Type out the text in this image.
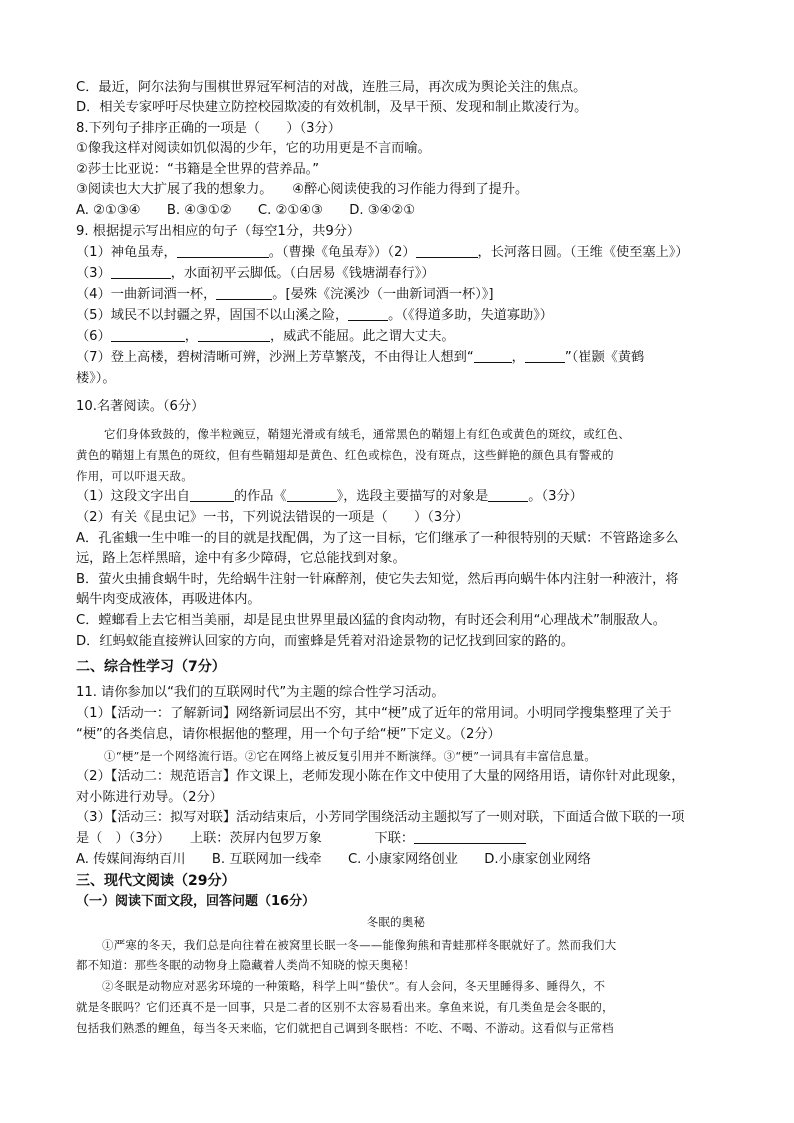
C．最近，阿尔法狗与围棋世界冠军柯洁的对战，连胜三局，再次成为舆论关注的焦点。
D．相关专家呼吁尽快建立防控校园欺凌的有效机制，及早干预、发现和制止欺凌行为。
8.下列句子排序正确的一项是（　　）（3分）
①像我这样对阅读如饥似渴的少年，它的功用更是不言而喻。
②莎士比亚说：“书籍是全世界的营养品。”
③阅读也大大扩展了我的想象力。　　④醉心阅读使我的习作能力得到了提升。
A. ②①③④　　B. ④③①②　　C. ②①④③　　D. ③④②①
9. 根据提示写出相应的句子（每空1分，共9分）
（1）神龟虽寿，	。（曹操《龟虽寿》）（2）	，长河落日圆。（王维《使至塞上》）
（3）	，水面初平云脚低。（白居易《钱塘湖春行》）
（4）一曲新词酒一杯，	。[晏殊《浣溪沙（一曲新词酒一杯）》]
（5）域民不以封疆之界，固国不以山溪之险，	。（《得道多助，失道寡助》）
（6）	，	，威武不能屈。此之谓大丈夫。
（7）登上高楼，碧树清晰可辨，沙洲上芳草繁茂，不由得让人想到“	，	”（崔颢《黄鹤
楼》）。
10.名著阅读。（6分）
它们身体致鼓的，像半粒豌豆，鞘翅光滑或有绒毛，通常黑色的鞘翅上有红色或黄色的斑纹，或红色、
黄色的鞘翅上有黑色的斑纹，但有些鞘翅却是黄色、红色或棕色，没有斑点，这些鲜艳的颜色具有警戒的
作用，可以吓退天敌。
（1）这段文字出自	的作品《	》，选段主要描写的对象是	。（3分）
（2）有关《昆虫记》一书，下列说法错误的一项是（　　）（3分）
A．孔雀蛾一生中唯一的目的就是找配偶，为了这一目标，它们继承了一种很特别的天赋：不管路途多么
远，路上怎样黑暗，途中有多少障碍，它总能找到对象。
B．萤火虫捕食蜗牛时，先给蜗牛注射一针麻醉剂，使它失去知觉，然后再向蜗牛体内注射一种液汁，将
蜗牛肉变成液体，再吸进体内。
C．螳螂看上去它相当美丽，却是昆虫世界里最凶猛的食肉动物，有时还会利用“心理战术”制服敌人。
D．红蚂蚁能直接辨认回家的方向，而蜜蜂是凭着对沿途景物的记忆找到回家的路的。
二、综合性学习（7分）
11. 请你参加以“我们的互联网时代”为主题的综合性学习活动。
（1）【活动一：了解新词】网络新词层出不穷，其中“梗”成了近年的常用词。小明同学搜集整理了关于
“梗”的各类信息，请你根据他的整理，用一个句子给“梗”下定义。（2分）
①“梗”是一个网络流行语。②它在网络上被反复引用并不断演绎。③“梗”一词具有丰富信息量。
（2）【活动二：规范语言】作文课上，老师发现小陈在作文中使用了大量的网络用语，请你针对此现象，
对小陈进行劝导。（2分）
（3）【活动三：拟写对联】活动结束后，小芳同学围绕活动主题拟写了一则对联，下面适合做下联的一项
是（　）（3分）　　上联：茨屏内包罗万象　　　　下联：
A. 传媒间海纳百川　　B. 互联网加一线牵　　C. 小康家网络创业　　D.小康家创业网络
三、现代文阅读（29分）
（一）阅读下面文段，回答问题（16分）
冬眠的奥秘
①严寒的冬天，我们总是向往着在被窝里长眠一冬——能像狗熊和青蛙那样冬眠就好了。然而我们大
都不知道：那些冬眠的动物身上隐藏着人类尚不知晓的惊天奥秘！
②冬眠是动物应对恶劣环境的一种策略，科学上叫“蛰伏”。有人会问，冬天里睡得多、睡得久，不
就是冬眠吗？它们还真不是一回事，只是二者的区别不太容易看出来。拿鱼来说，有几类鱼是会冬眠的，
包括我们熟悉的鲤鱼，每当冬天来临，它们就把自己调到冬眠档：不吃、不喝、不游动。这看似与正常档
